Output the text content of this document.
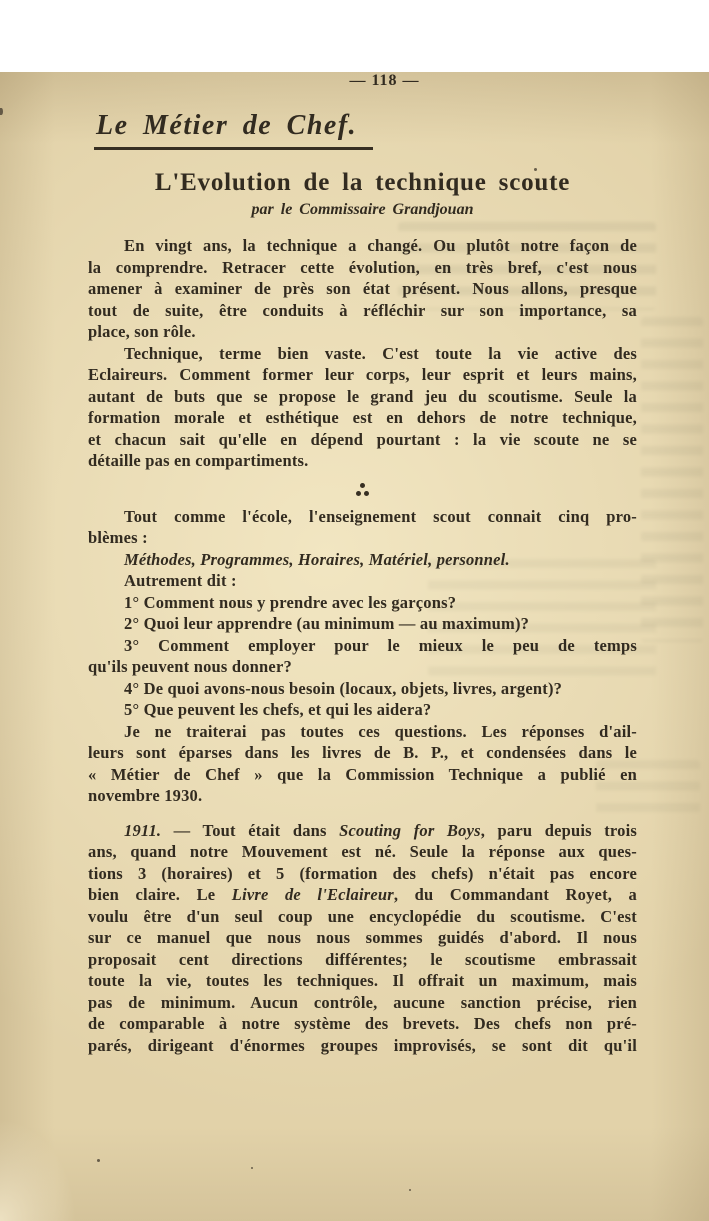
— 118 —
Le Métier de Chef.
L'Evolution de la technique scoute
par le Commissaire Grandjouan
En vingt ans, la technique a changé. Ou plutôt notre façon de
la comprendre. Retracer cette évolution, en très bref, c'est nous
amener à examiner de près son état présent. Nous allons, presque
tout de suite, être conduits à réfléchir sur son importance, sa
place, son rôle.
Technique, terme bien vaste. C'est toute la vie active des
Eclaireurs. Comment former leur corps, leur esprit et leurs mains,
autant de buts que se propose le grand jeu du scoutisme. Seule la
formation morale et esthétique est en dehors de notre technique,
et chacun sait qu'elle en dépend pourtant : la vie scoute ne se
détaille pas en compartiments.
Tout comme l'école, l'enseignement scout connait cinq pro-
blèmes :
Méthodes, Programmes, Horaires, Matériel, personnel.
Autrement dit :
1° Comment nous y prendre avec les garçons?
2° Quoi leur apprendre (au minimum — au maximum)?
3° Comment employer pour le mieux le peu de temps
qu'ils peuvent nous donner?
4° De quoi avons-nous besoin (locaux, objets, livres, argent)?
5° Que peuvent les chefs, et qui les aidera?
Je ne traiterai pas toutes ces questions. Les réponses d'ail-
leurs sont éparses dans les livres de B. P., et condensées dans le
« Métier de Chef » que la Commission Technique a publié en
novembre 1930.
1911. — Tout était dans Scouting for Boys, paru depuis trois
ans, quand notre Mouvement est né. Seule la réponse aux ques-
tions 3 (horaires) et 5 (formation des chefs) n'était pas encore
bien claire. Le Livre de l'Eclaireur, du Commandant Royet, a
voulu être d'un seul coup une encyclopédie du scoutisme. C'est
sur ce manuel que nous nous sommes guidés d'abord. Il nous
proposait cent directions différentes; le scoutisme embrassait
toute la vie, toutes les techniques. Il offrait un maximum, mais
pas de minimum. Aucun contrôle, aucune sanction précise, rien
de comparable à notre système des brevets. Des chefs non pré-
parés, dirigeant d'énormes groupes improvisés, se sont dit qu'il
